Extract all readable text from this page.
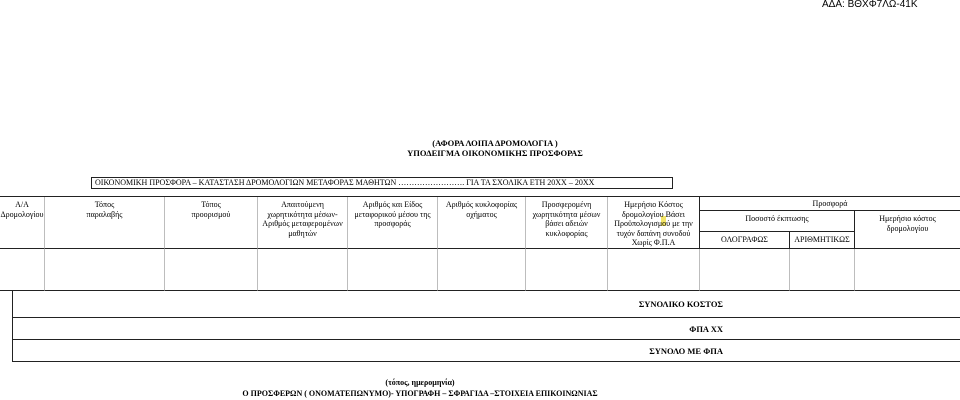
ΑΔΑ: ΒΘΧΦ7ΛΩ-41Κ
(ΑΦΟΡΑ ΛΟΙΠΑ ΔΡΟΜΟΛΟΓΙΑ )
ΥΠΟΔΕΙΓΜΑ ΟΙΚΟΝΟΜΙΚΗΣ ΠΡΟΣΦΟΡΑΣ
ΟΙΚΟΝΟΜΙΚΗ ΠΡΟΣΦΟΡΑ – ΚΑΤΑΣΤΑΣΗ ΔΡΟΜΟΛΟΓΙΩΝ ΜΕΤΑΦΟΡΑΣ ΜΑΘΗΤΩΝ ……………………. ΓΙΑ ΤΑ ΣΧΟΛΙΚΑ ΕΤΗ 20ΧΧ – 20ΧΧ
Α/Α
Δρομολογίου
Τόπος
παραλαβής
Τόπος
προορισμού
Απαιτούμενη
χωρητικότητα μέσων-
Αριθμός μεταφερομένων
μαθητών
Αριθμός και Είδος
μεταφορικού μέσου της
προσφοράς
Αριθμός κυκλοφορίας
οχήματος
Προσφερομένη
χωρητικότητα μέσων
βάσει αδειών
κυκλοφορίας
Ημερήσιο Κόστος
δρομολογίου Βάσει
Προϋπολογισμού με την
τυχόν δαπάνη συνοδού
Χωρίς Φ.Π.Α
Προσφορά
Ποσοστό έκπτωσης
ΟΛΟΓΡΑΦΩΣ	ΑΡΙΘΜΗΤΙΚΩΣ
Ημερήσιο κόστος
δρομολογίου
ΣΥΝΟΛΙΚΟ ΚΟΣΤΟΣ
ΦΠΑ ΧΧ
ΣΥΝΟΛΟ ΜΕ ΦΠΑ
(τόπος, ημερομηνία)
Ο ΠΡΟΣΦΕΡΩΝ ( ΟΝΟΜΑΤΕΠΩΝΥΜΟ)- ΥΠΟΓΡΑΦΗ – ΣΦΡΑΓΙΔΑ –ΣΤΟΙΧΕΙΑ ΕΠΙΚΟΙΝΩΝΙΑΣ
